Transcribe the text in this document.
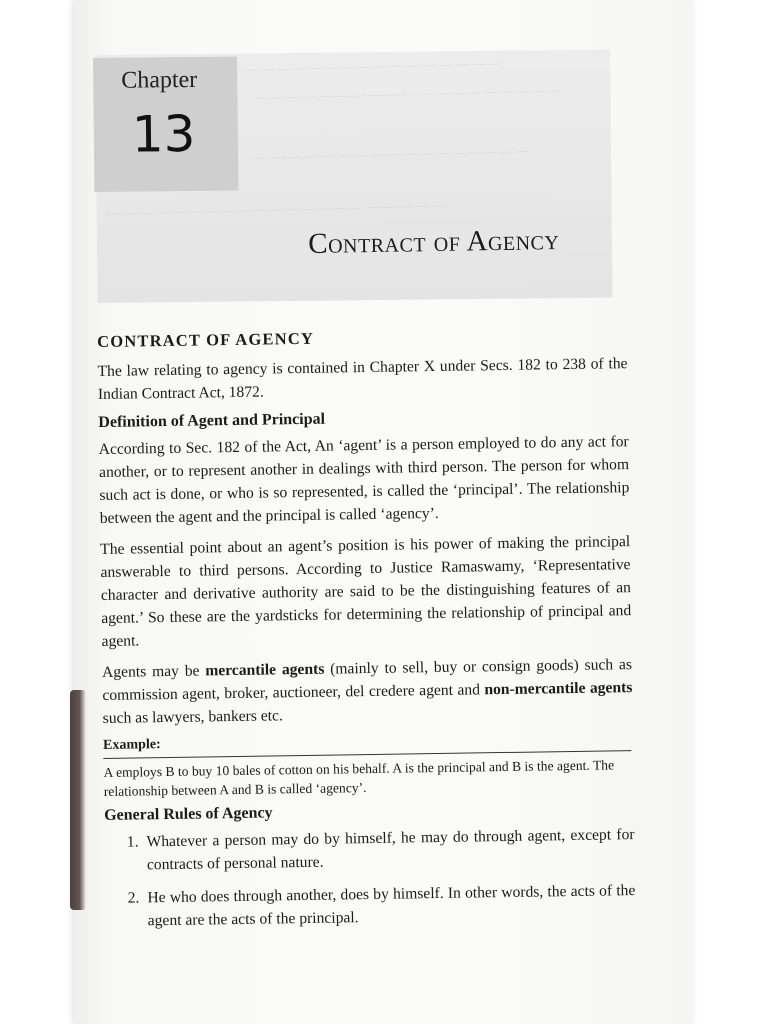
— — — — — — — — — — — — — — — —
— — — — — — — — — — — — — — — — — — —
— — — — — — — — — — — — — — — — —
— — — — — — — — — — — — — — — — — — — — —
Chapter
13
Contract of Agency
CONTRACT OF AGENCY

The law relating to agency is contained in Chapter X under Secs. 182 to 238 of the Indian Contract Act, 1872.

Definition of Agent and Principal

According to Sec. 182 of the Act, An ‘agent’ is a person employed to do any act for another, or to represent another in dealings with third person. The person for whom such act is done, or who is so represented, is called the ‘principal’. The relationship between the agent and the principal is called ‘agency’.

The essential point about an agent’s position is his power of making the principal answerable to third persons. According to Justice Ramaswamy, ‘Representative character and derivative authority are said to be the distinguishing features of an agent.’ So these are the yardsticks for determining the relationship of principal and agent.

Agents may be mercantile agents (mainly to sell, buy or consign goods) such as commission agent, broker, auctioneer, del credere agent and non-mercantile agents such as lawyers, bankers etc.

Example:

A employs B to buy 10 bales of cotton on his behalf. A is the principal and B is the agent. The relationship between A and B is called ‘agency’.

General Rules of Agency
1. Whatever a person may do by himself, he may do through agent, except for contracts of personal nature.
2. He who does through another, does by himself. In other words, the acts of the agent are the acts of the principal.
